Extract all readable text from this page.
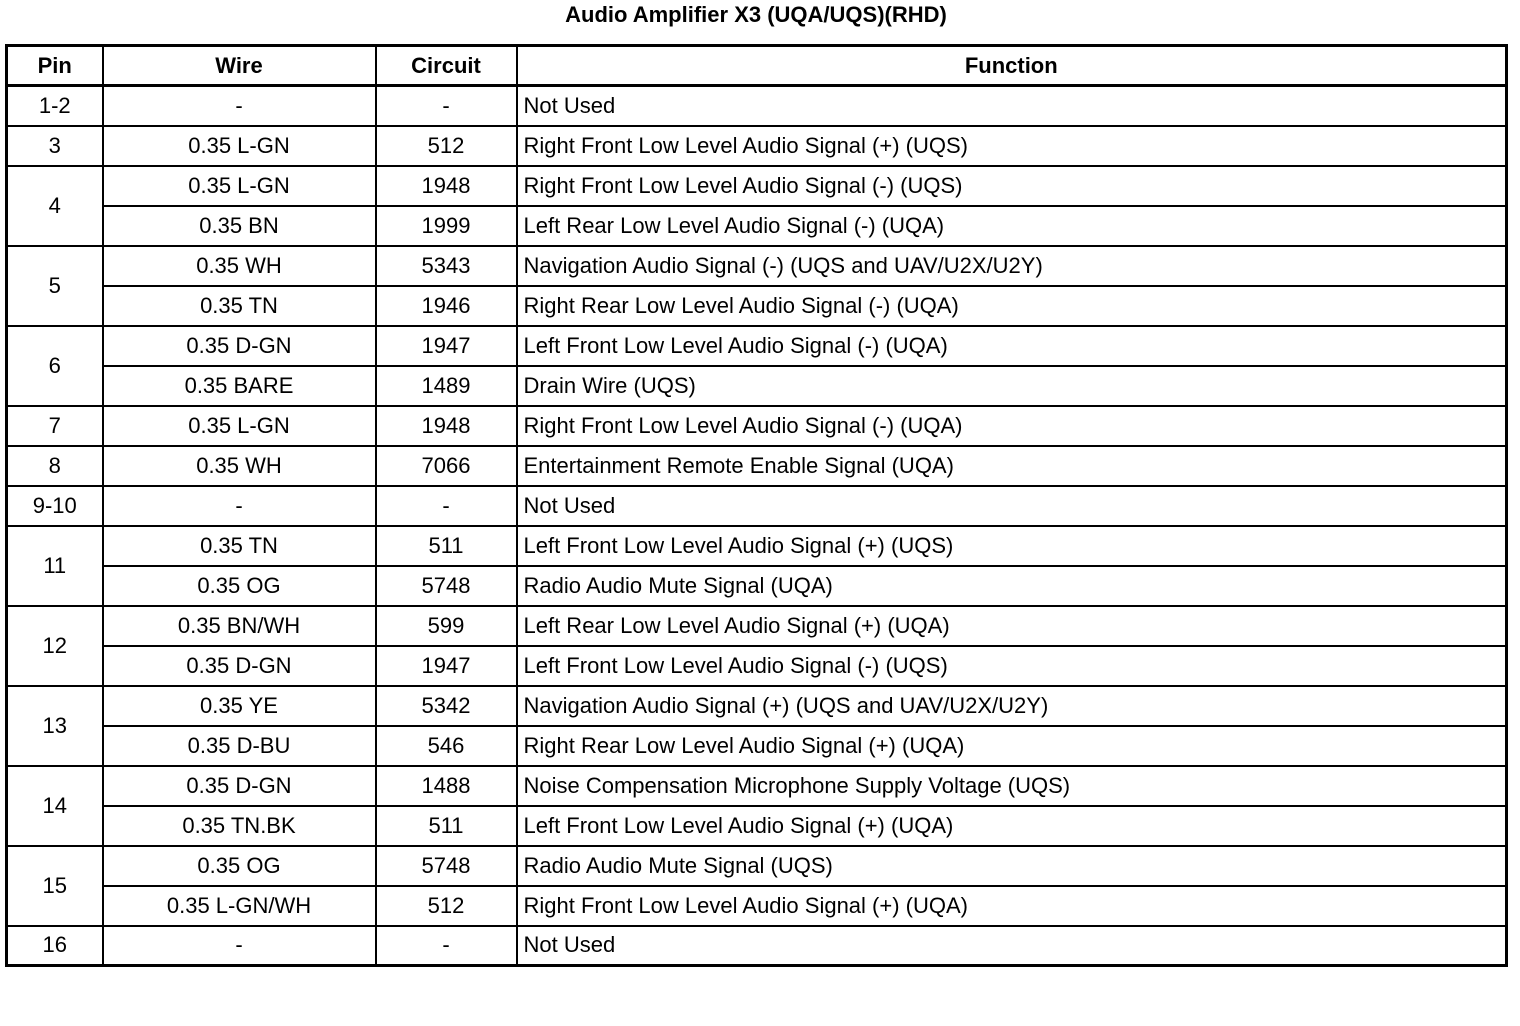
Audio Amplifier X3 (UQA/UQS)(RHD)
Pin	Wire	Circuit	Function
1-2	-	-	Not Used
3	0.35 L-GN	512	Right Front Low Level Audio Signal (+) (UQS)
4	0.35 L-GN	1948	Right Front Low Level Audio Signal (-) (UQS)
	0.35 BN	1999	Left Rear Low Level Audio Signal (-) (UQA)
5	0.35 WH	5343	Navigation Audio Signal (-) (UQS and UAV/U2X/U2Y)
	0.35 TN	1946	Right Rear Low Level Audio Signal (-) (UQA)
6	0.35 D-GN	1947	Left Front Low Level Audio Signal (-) (UQA)
	0.35 BARE	1489	Drain Wire (UQS)
7	0.35 L-GN	1948	Right Front Low Level Audio Signal (-) (UQA)
8	0.35 WH	7066	Entertainment Remote Enable Signal (UQA)
9-10	-	-	Not Used
11	0.35 TN	511	Left Front Low Level Audio Signal (+) (UQS)
	0.35 OG	5748	Radio Audio Mute Signal (UQA)
12	0.35 BN/WH	599	Left Rear Low Level Audio Signal (+) (UQA)
	0.35 D-GN	1947	Left Front Low Level Audio Signal (-) (UQS)
13	0.35 YE	5342	Navigation Audio Signal (+) (UQS and UAV/U2X/U2Y)
	0.35 D-BU	546	Right Rear Low Level Audio Signal (+) (UQA)
14	0.35 D-GN	1488	Noise Compensation Microphone Supply Voltage (UQS)
	0.35 TN.BK	511	Left Front Low Level Audio Signal (+) (UQA)
15	0.35 OG	5748	Radio Audio Mute Signal (UQS)
	0.35 L-GN/WH	512	Right Front Low Level Audio Signal (+) (UQA)
16	-	-	Not Used
